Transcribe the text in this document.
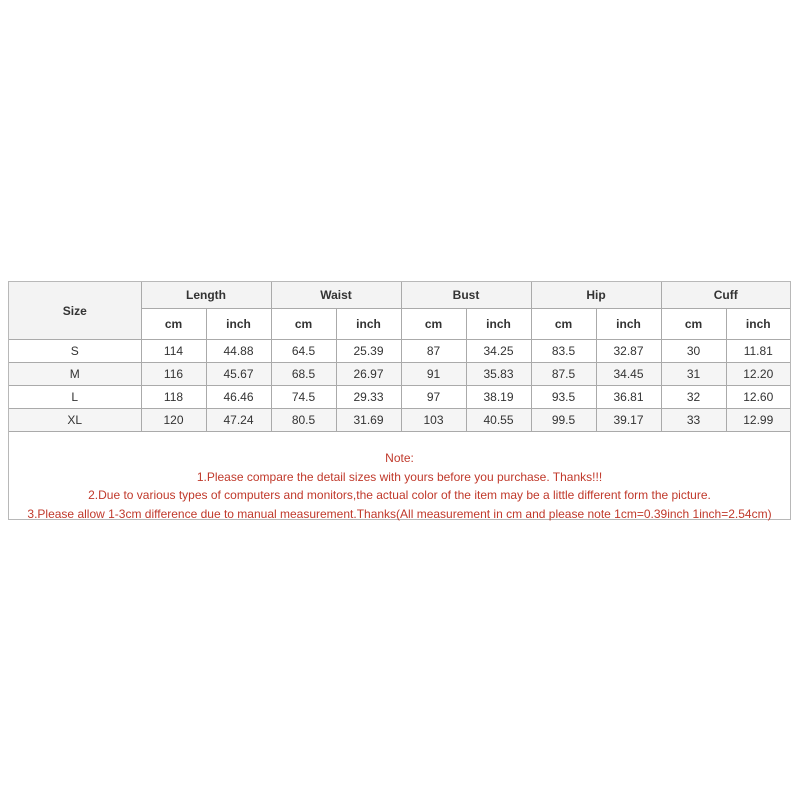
Size	Length		Waist		Bust		Hip		Cuff	
	cm	inch	cm	inch	cm	inch	cm	inch	cm	inch
S	114	44.88	64.5	25.39	87	34.25	83.5	32.87	30	11.81
M	116	45.67	68.5	26.97	91	35.83	87.5	34.45	31	12.20
L	118	46.46	74.5	29.33	97	38.19	93.5	36.81	32	12.60
XL	120	47.24	80.5	31.69	103	40.55	99.5	39.17	33	12.99
Note:
1.Please compare the detail sizes with yours before you purchase. Thanks!!!
2.Due to various types of computers and monitors,the actual color of the item may be a little different form the picture.
3.Please allow 1-3cm difference due to manual measurement.Thanks(All measurement in cm and please note 1cm=0.39inch 1inch=2.54cm)
